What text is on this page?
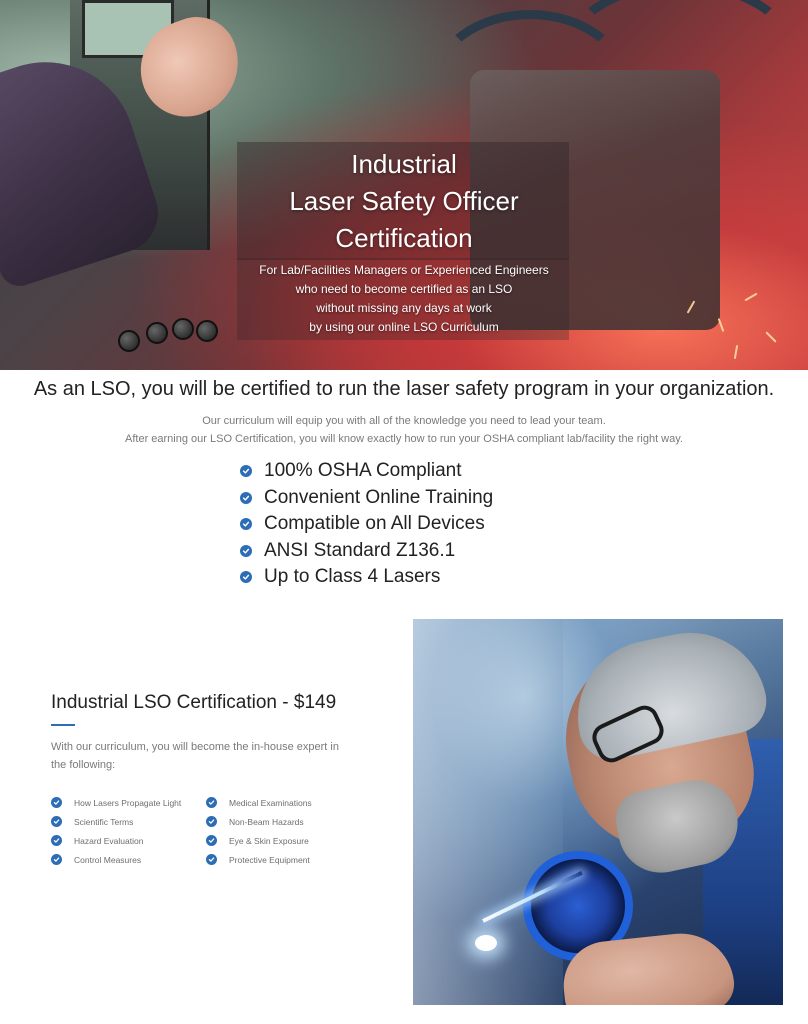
Industrial
Laser Safety Officer
Certification

For Lab/Facilities Managers or Experienced Engineers
who need to become certified as an LSO
without missing any days at work
by using our online LSO Curriculum

As an LSO, you will be certified to run the laser safety program in your organization.

Our curriculum will equip you with all of the knowledge you need to lead your team.
After earning our LSO Certification, you will know exactly how to run your OSHA compliant lab/facility the right way.

100% OSHA Compliant
Convenient Online Training
Compatible on All Devices
ANSI Standard Z136.1
Up to Class 4 Lasers
Industrial LSO Certification - $149

With our curriculum, you will become the in-house expert in the following:

How Lasers Propagate Light
Scientific Terms
Hazard Evaluation
Control Measures
Medical Examinations
Non-Beam Hazards
Eye & Skin Exposure
Protective Equipment
